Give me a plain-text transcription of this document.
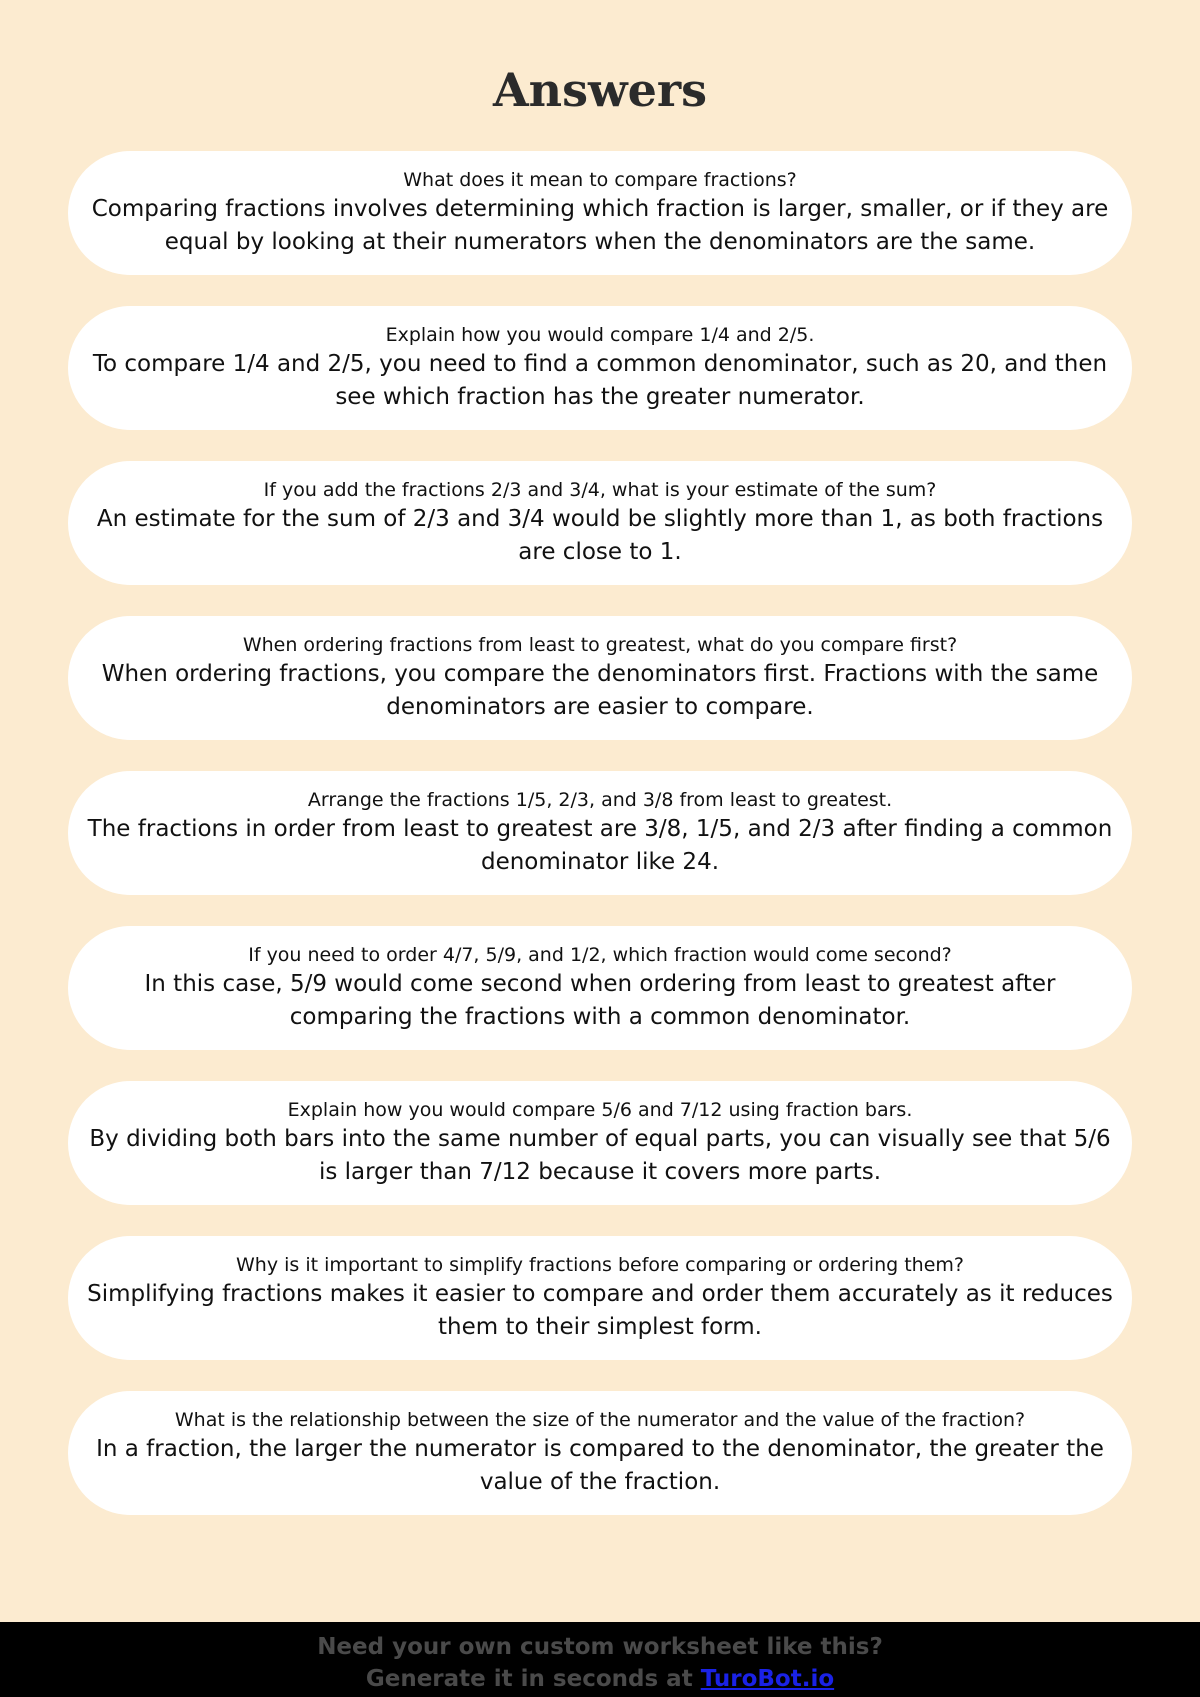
Answers
What does it mean to compare fractions?
Comparing fractions involves determining which fraction is larger, smaller, or if they are equal by looking at their numerators when the denominators are the same.
Explain how you would compare 1/4 and 2/5.
To compare 1/4 and 2/5, you need to find a common denominator, such as 20, and then see which fraction has the greater numerator.
If you add the fractions 2/3 and 3/4, what is your estimate of the sum?
An estimate for the sum of 2/3 and 3/4 would be slightly more than 1, as both fractions are close to 1.
When ordering fractions from least to greatest, what do you compare first?
When ordering fractions, you compare the denominators first. Fractions with the same denominators are easier to compare.
Arrange the fractions 1/5, 2/3, and 3/8 from least to greatest.
The fractions in order from least to greatest are 3/8, 1/5, and 2/3 after finding a common denominator like 24.
If you need to order 4/7, 5/9, and 1/2, which fraction would come second?
In this case, 5/9 would come second when ordering from least to greatest after comparing the fractions with a common denominator.
Explain how you would compare 5/6 and 7/12 using fraction bars.
By dividing both bars into the same number of equal parts, you can visually see that 5/6 is larger than 7/12 because it covers more parts.
Why is it important to simplify fractions before comparing or ordering them?
Simplifying fractions makes it easier to compare and order them accurately as it reduces them to their simplest form.
What is the relationship between the size of the numerator and the value of the fraction?
In a fraction, the larger the numerator is compared to the denominator, the greater the value of the fraction.
Need your own custom worksheet like this?
Generate it in seconds at TuroBot.io
